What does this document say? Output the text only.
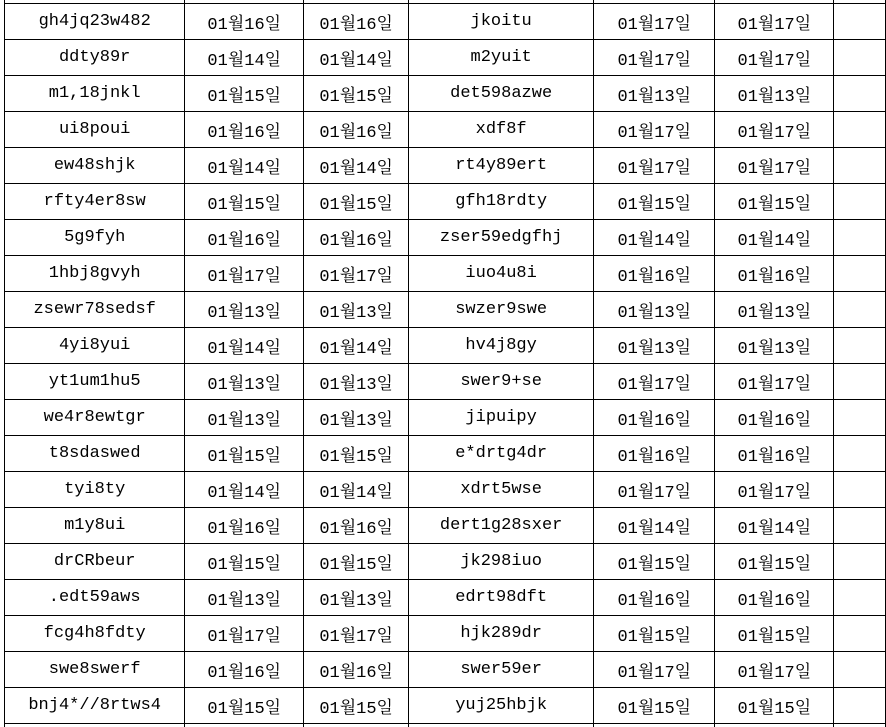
gh4jq23w482	01월16일	01월16일	jkoitu	01월17일	01월17일	
ddty89r	01월14일	01월14일	m2yuit	01월17일	01월17일	
m1,18jnkl	01월15일	01월15일	det598azwe	01월13일	01월13일	
ui8poui	01월16일	01월16일	xdf8f	01월17일	01월17일	
ew48shjk	01월14일	01월14일	rt4y89ert	01월17일	01월17일	
rfty4er8sw	01월15일	01월15일	gfh18rdty	01월15일	01월15일	
5g9fyh	01월16일	01월16일	zser59edgfhj	01월14일	01월14일	
1hbj8gvyh	01월17일	01월17일	iuo4u8i	01월16일	01월16일	
zsewr78sedsf	01월13일	01월13일	swzer9swe	01월13일	01월13일	
4yi8yui	01월14일	01월14일	hv4j8gy	01월13일	01월13일	
yt1um1hu5	01월13일	01월13일	swer9+se	01월17일	01월17일	
we4r8ewtgr	01월13일	01월13일	jipuipy	01월16일	01월16일	
t8sdaswed	01월15일	01월15일	e*drtg4dr	01월16일	01월16일	
tyi8ty	01월14일	01월14일	xdrt5wse	01월17일	01월17일	
m1y8ui	01월16일	01월16일	dert1g28sxer	01월14일	01월14일	
drCRbeur	01월15일	01월15일	jk298iuo	01월15일	01월15일	
.edt59aws	01월13일	01월13일	edrt98dft	01월16일	01월16일	
fcg4h8fdty	01월17일	01월17일	hjk289dr	01월15일	01월15일	
swe8swerf	01월16일	01월16일	swer59er	01월17일	01월17일	
bnj4*//8rtws4	01월15일	01월15일	yuj25hbjk	01월15일	01월15일	
